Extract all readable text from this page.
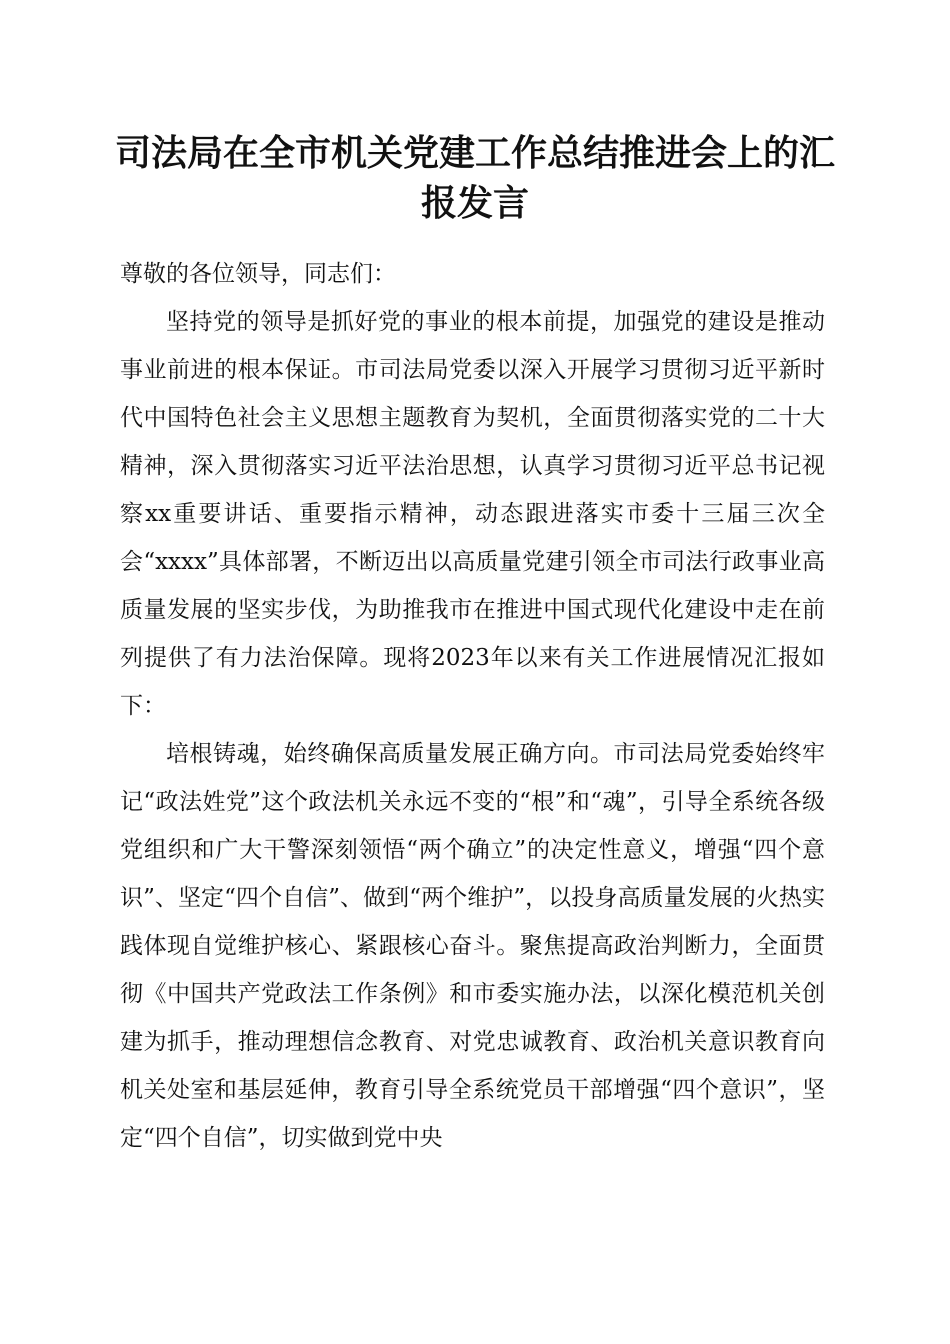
司法局在全市机关党建工作总结推进会上的汇报发言

尊敬的各位领导，同志们：

坚持党的领导是抓好党的事业的根本前提，加强党的建设是推动事业前进的根本保证。市司法局党委以深入开展学习贯彻习近平新时代中国特色社会主义思想主题教育为契机，全面贯彻落实党的二十大精神，深入贯彻落实习近平法治思想，认真学习贯彻习近平总书记视察xx重要讲话、重要指示精神，动态跟进落实市委十三届三次全会“xxxx”具体部署，不断迈出以高质量党建引领全市司法行政事业高质量发展的坚实步伐，为助推我市在推进中国式现代化建设中走在前列提供了有力法治保障。现将2023年以来有关工作进展情况汇报如下：

培根铸魂，始终确保高质量发展正确方向。市司法局党委始终牢记“政法姓党”这个政法机关永远不变的“根”和“魂”，引导全系统各级党组织和广大干警深刻领悟“两个确立”的决定性意义，增强“四个意识”、坚定“四个自信”、做到“两个维护”，以投身高质量发展的火热实践体现自觉维护核心、紧跟核心奋斗。聚焦提高政治判断力，全面贯彻《中国共产党政法工作条例》和市委实施办法，以深化模范机关创建为抓手，推动理想信念教育、对党忠诚教育、政治机关意识教育向机关处室和基层延伸，教育引导全系统党员干部增强“四个意识”，坚定“四个自信”，切实做到党中央
